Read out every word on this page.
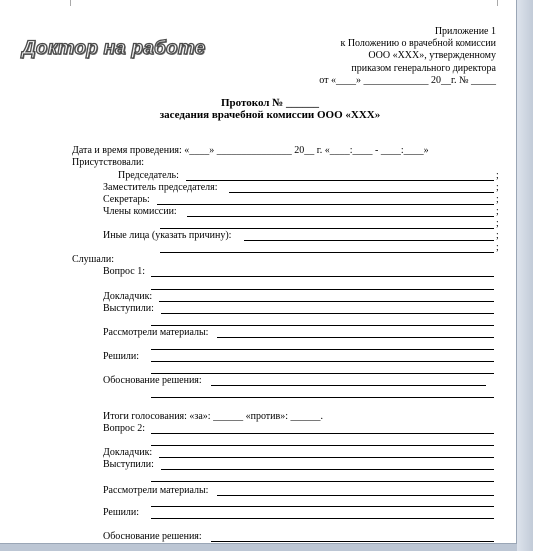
Доктор на работе
Приложение 1
к Положению о врачебной комиссии
ООО «ХХХ», утвержденному
приказом генерального директора
от «____» _____________ 20__г. № _____
Протокол № ______
заседания врачебной комиссии ООО «ХХХ»
Дата и время проведения: «____» _______________ 20__ г. «____:____ - ____:____»
Присутствовали:
Председатель:	;
Заместитель председателя:	;
Секретарь:	;
Члены комиссии:	;
;
Иные лица (указать причину):	;
;
Слушали:
Вопрос 1:
Докладчик:
Выступили:
Рассмотрели материалы:
Решили:
Обоснование решения:
Итоги голосования: «за»: ______ «против»: ______.
Вопрос 2:
Докладчик:
Выступили:
Рассмотрели материалы:
Решили:
Обоснование решения:
